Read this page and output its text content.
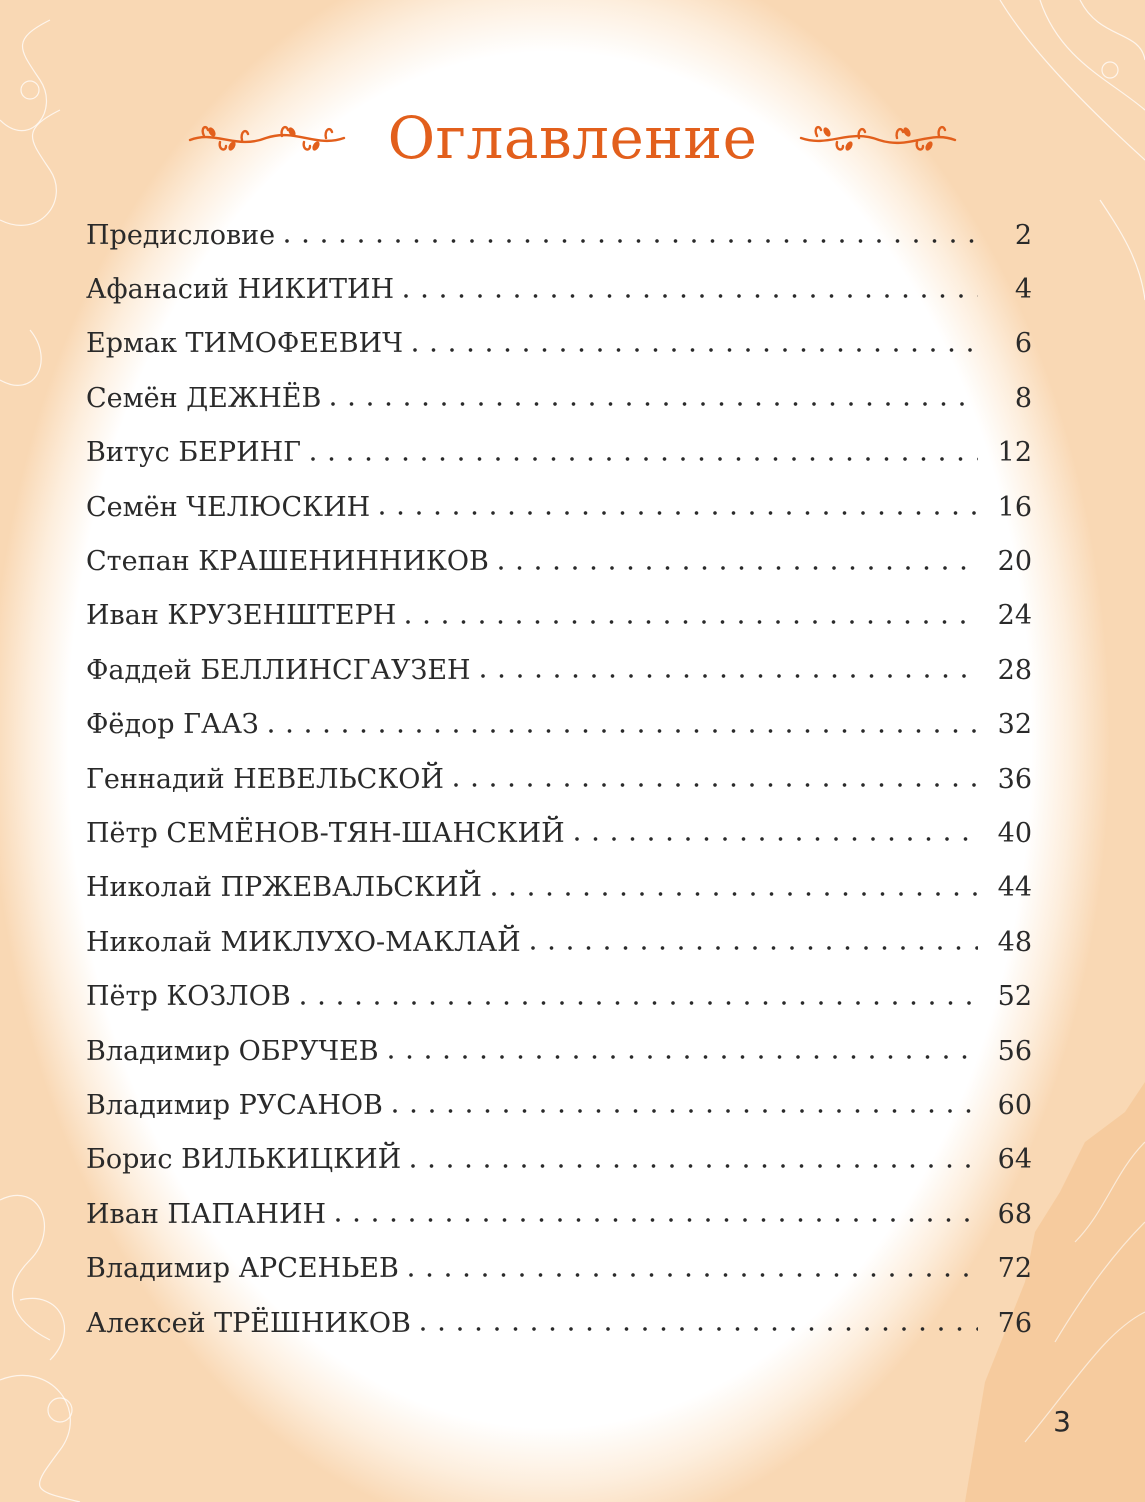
Оглавление
Предисловие	2
Афанасий НИКИТИН	4
Ермак ТИМОФЕЕВИЧ	6
Семён ДЕЖНЁВ	8
Витус БЕРИНГ	12
Семён ЧЕЛЮСКИН	16
Степан КРАШЕНИННИКОВ	20
Иван КРУЗЕНШТЕРН	24
Фаддей БЕЛЛИНСГАУЗЕН	28
Фёдор ГААЗ	32
Геннадий НЕВЕЛЬСКОЙ	36
Пётр СЕМЁНОВ-ТЯН-ШАНСКИЙ	40
Николай ПРЖЕВАЛЬСКИЙ	44
Николай МИКЛУХО-МАКЛАЙ	48
Пётр КОЗЛОВ	52
Владимир ОБРУЧЕВ	56
Владимир РУСАНОВ	60
Борис ВИЛЬКИЦКИЙ	64
Иван ПАПАНИН	68
Владимир АРСЕНЬЕВ	72
Алексей ТРЁШНИКОВ	76
3
